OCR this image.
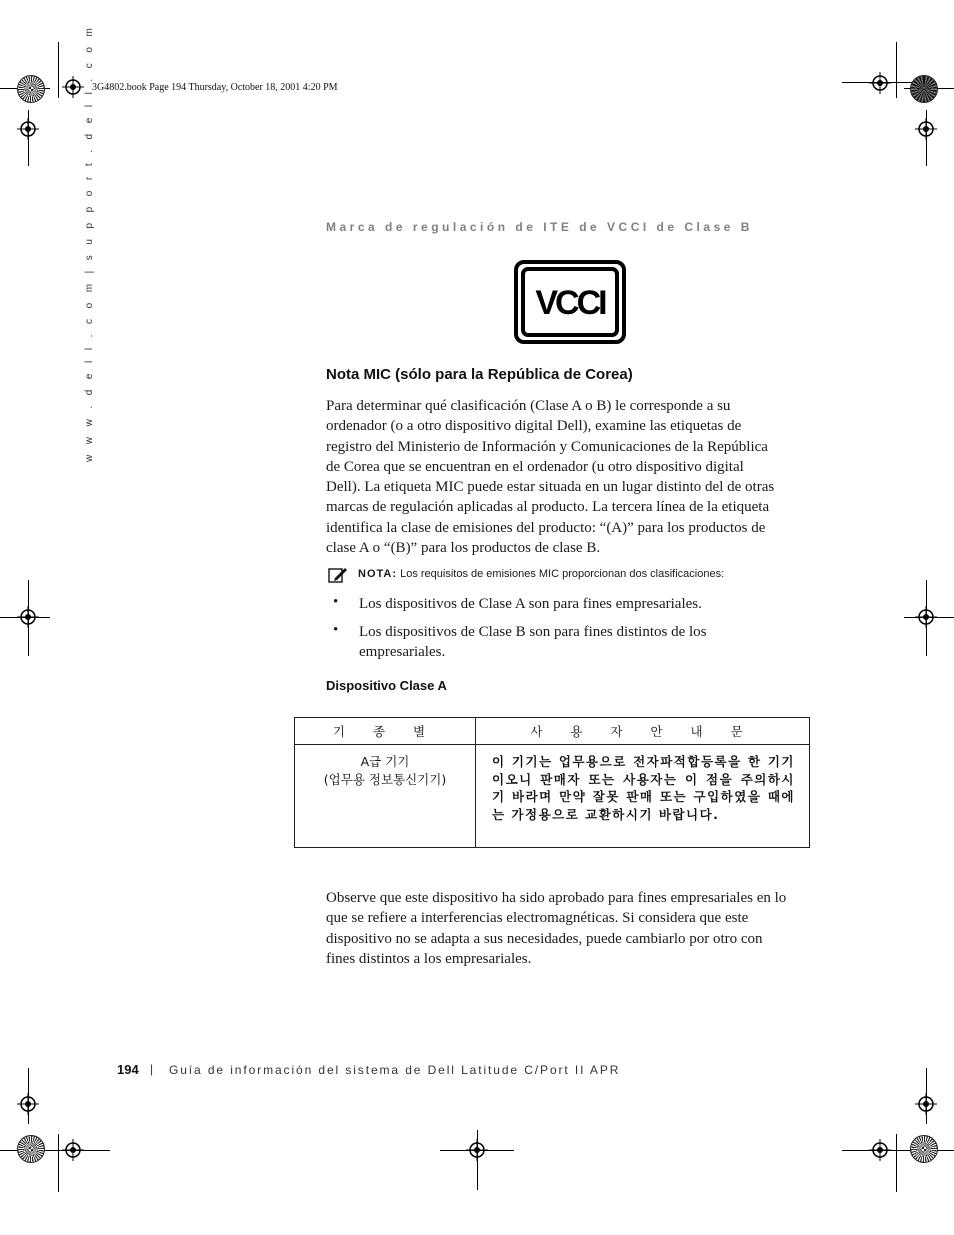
3G4802.book Page 194 Thursday, October 18, 2001 4:20 PM
w w w . d e l l . c o m | s u p p o r t . d e l l . c o m	Marca de regulación de ITE de VCCI de Clase B
VCCI
Nota MIC (sólo para la República de Corea)
Para determinar qué clasificación (Clase A o B) le corresponde a su
ordenador (o a otro dispositivo digital Dell), examine las etiquetas de
registro del Ministerio de Información y Comunicaciones de la República
de Corea que se encuentran en el ordenador (u otro dispositivo digital
Dell). La etiqueta MIC puede estar situada en un lugar distinto del de otras
marcas de regulación aplicadas al producto. La tercera línea de la etiqueta
identifica la clase de emisiones del producto: “(A)” para los productos de
clase A o “(B)” para los productos de clase B.
NOTA: Los requisitos de emisiones MIC proporcionan dos clasificaciones:
• Los dispositivos de Clase A son para fines empresariales.
• Los dispositivos de Clase B son para fines distintos de los
empresariales.
Dispositivo Clase A
기 종 별	사 용 자 안 내 문
A급 기기
(업무용 정보통신기기)	이 기기는 업무용으로 전자파적합등록을 한 기기이오니 판매자 또는 사용자는 이 점을 주의하시기 바라며 만약 잘못 판매 또는 구입하였을 때에는 가정용으로 교환하시기 바랍니다.
Observe que este dispositivo ha sido aprobado para fines empresariales en lo
que se refiere a interferencias electromagnéticas. Si considera que este
dispositivo no se adapta a sus necesidades, puede cambiarlo por otro con
fines distintos a los empresariales.
194 | Guía de información del sistema de Dell Latitude C/Port II APR
